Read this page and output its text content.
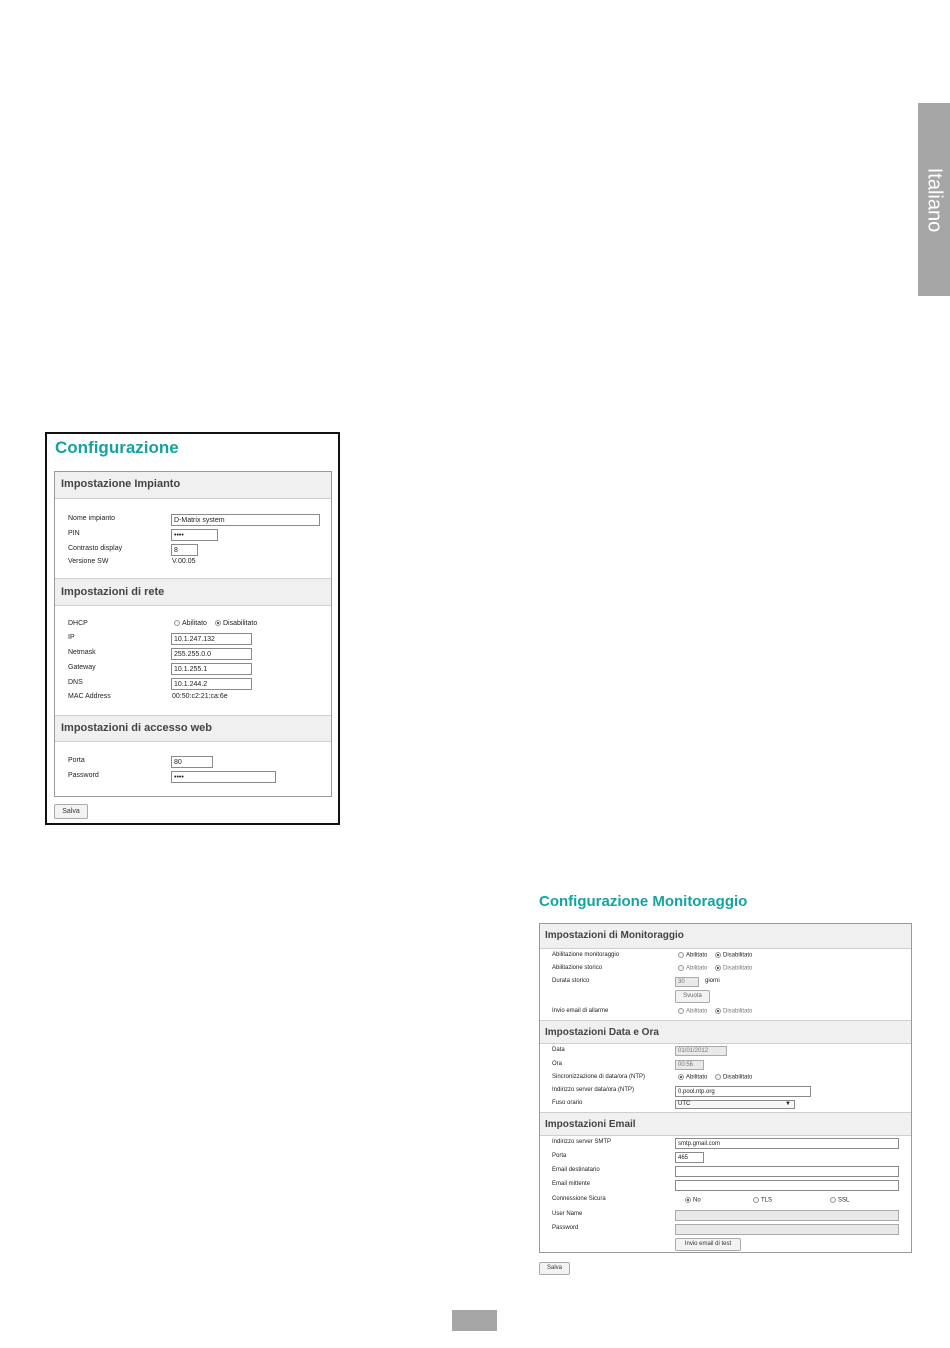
Italiano
Configurazione
Impostazione Impianto
Nome impianto	D-Matrix system
PIN	••••
Contrasto display	8
Versione SW	V.00.05
Impostazioni di rete
DHCP	Abilitato	Disabilitato
IP	10.1.247.132
Netmask	255.255.0.0
Gateway	10.1.255.1
DNS	10.1.244.2
MAC Address	00:50:c2:21:ca:6e
Impostazioni di accesso web
Porta	80
Password	••••
Salva
Configurazione Monitoraggio
Impostazioni di Monitoraggio
Abilitazione monitoraggio	Abilitato	Disabilitato
Abilitazione storico	Abilitato	Disabilitato
Durata storico	30	giorni
Svuota
Invio email di allarme	Abilitato	Disabilitato
Impostazioni Data e Ora
Data	01/01/2012
Ora	00:56
Sincronizzazione di data/ora (NTP)	Abilitato	Disabilitato
Indirizzo server data/ora (NTP)	0.pool.ntp.org
Fuso orario	UTC	▼
Impostazioni Email
Indirizzo server SMTP	smtp.gmail.com
Porta	465
Email destinatario
Email mittente
Connessione Sicura	No	TLS	SSL
User Name
Password
Invio email di test
Salva
